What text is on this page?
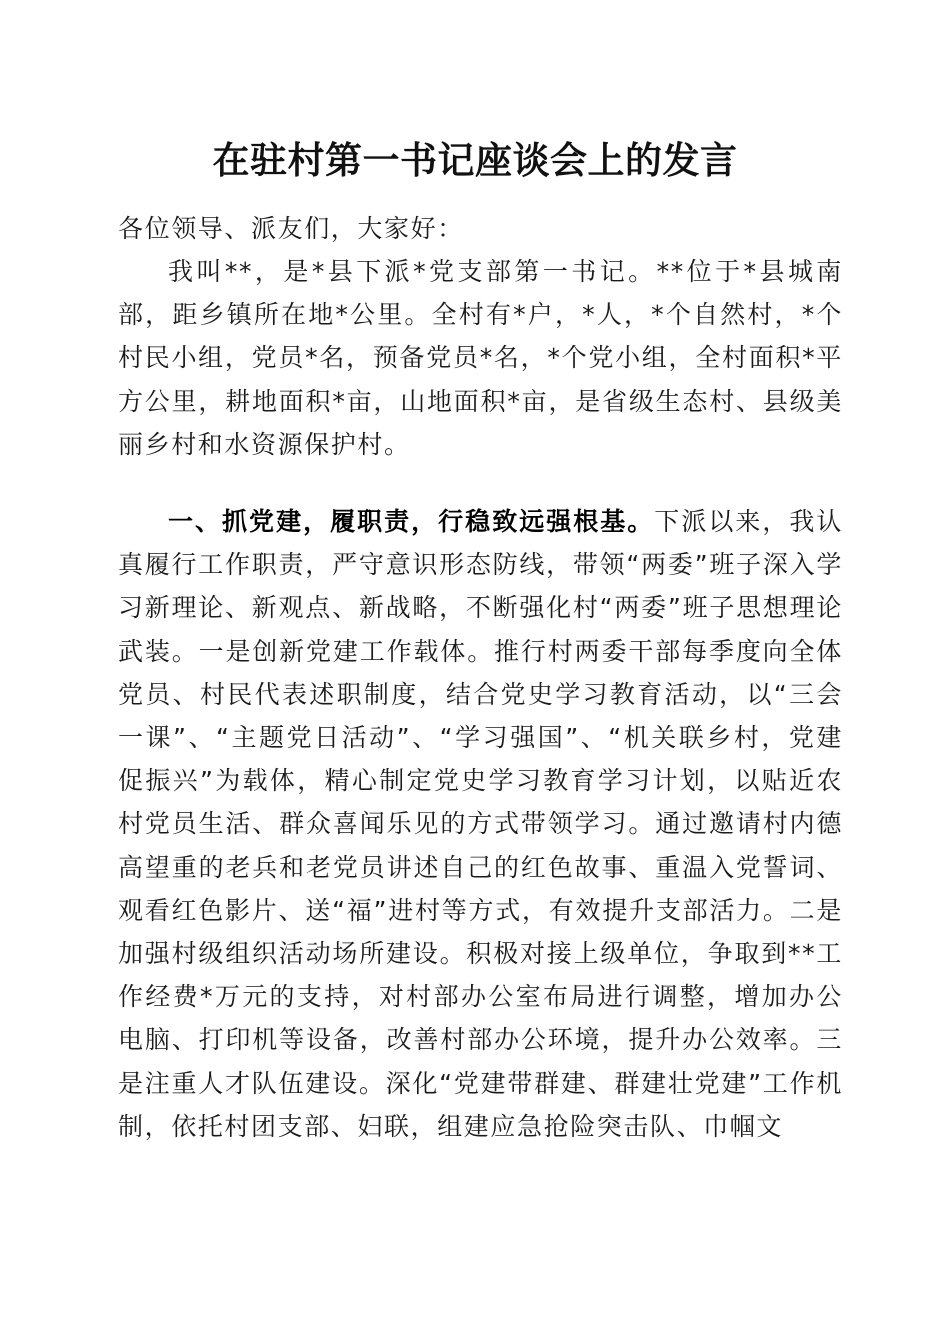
在驻村第一书记座谈会上的发言
各位领导、派友们，大家好：
我叫**，是*县下派*党支部第一书记。**位于*县城南部，距乡镇所在地*公里。全村有*户，*人，*个自然村，*个村民小组，党员*名，预备党员*名，*个党小组，全村面积*平方公里，耕地面积*亩，山地面积*亩，是省级生态村、县级美丽乡村和水资源保护村。
一、抓党建，履职责，行稳致远强根基。下派以来，我认真履行工作职责，严守意识形态防线，带领“两委”班子深入学习新理论、新观点、新战略，不断强化村“两委”班子思想理论武装。一是创新党建工作载体。推行村两委干部每季度向全体党员、村民代表述职制度，结合党史学习教育活动，以“三会一课”、“主题党日活动”、“学习强国”、“机关联乡村，党建促振兴”为载体，精心制定党史学习教育学习计划，以贴近农村党员生活、群众喜闻乐见的方式带领学习。通过邀请村内德高望重的老兵和老党员讲述自己的红色故事、重温入党誓词、观看红色影片、送“福”进村等方式，有效提升支部活力。二是加强村级组织活动场所建设。积极对接上级单位，争取到**工作经费*万元的支持，对村部办公室布局进行调整，增加办公电脑、打印机等设备，改善村部办公环境，提升办公效率。三是注重人才队伍建设。深化“党建带群建、群建壮党建”工作机制，依托村团支部、妇联，组建应急抢险突击队、巾帼文
